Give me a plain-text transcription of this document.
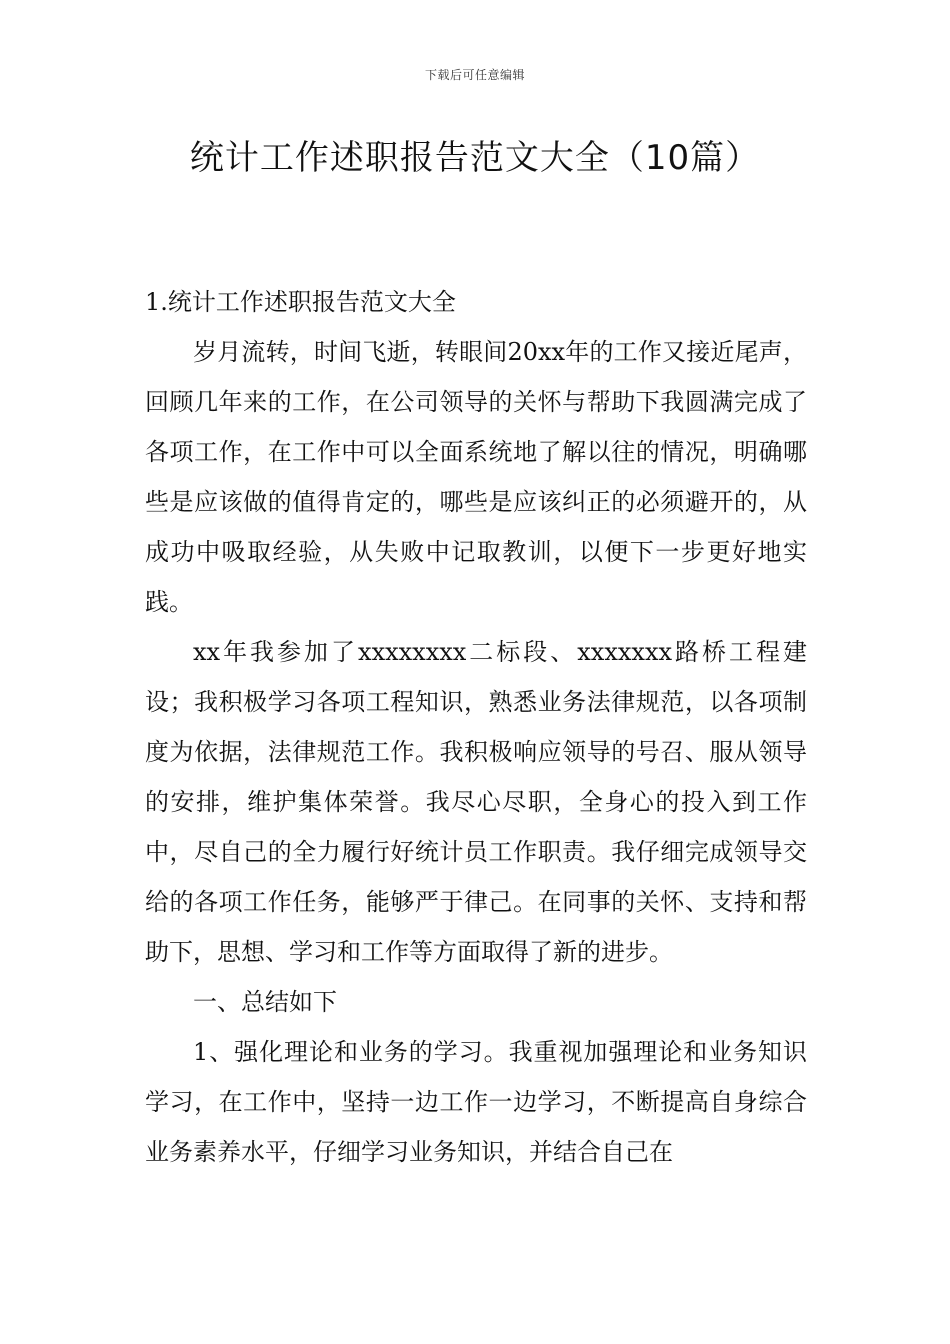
下载后可任意编辑
统计工作述职报告范文大全（10篇）

1.统计工作述职报告范文大全

岁月流转，时间飞逝，转眼间20xx年的工作又接近尾声，回顾几年来的工作，在公司领导的关怀与帮助下我圆满完成了各项工作，在工作中可以全面系统地了解以往的情况，明确哪些是应该做的值得肯定的，哪些是应该纠正的必须避开的，从成功中吸取经验，从失败中记取教训，以便下一步更好地实践。

xx年我参加了xxxxxxxx二标段、xxxxxxx路桥工程建设；我积极学习各项工程知识，熟悉业务法律规范，以各项制度为依据，法律规范工作。我积极响应领导的号召、服从领导的安排，维护集体荣誉。我尽心尽职，全身心的投入到工作中，尽自己的全力履行好统计员工作职责。我仔细完成领导交给的各项工作任务，能够严于律己。在同事的关怀、支持和帮助下，思想、学习和工作等方面取得了新的进步。

一、总结如下

1、强化理论和业务的学习。我重视加强理论和业务知识学习，在工作中，坚持一边工作一边学习，不断提高自身综合业务素养水平，仔细学习业务知识，并结合自己在
